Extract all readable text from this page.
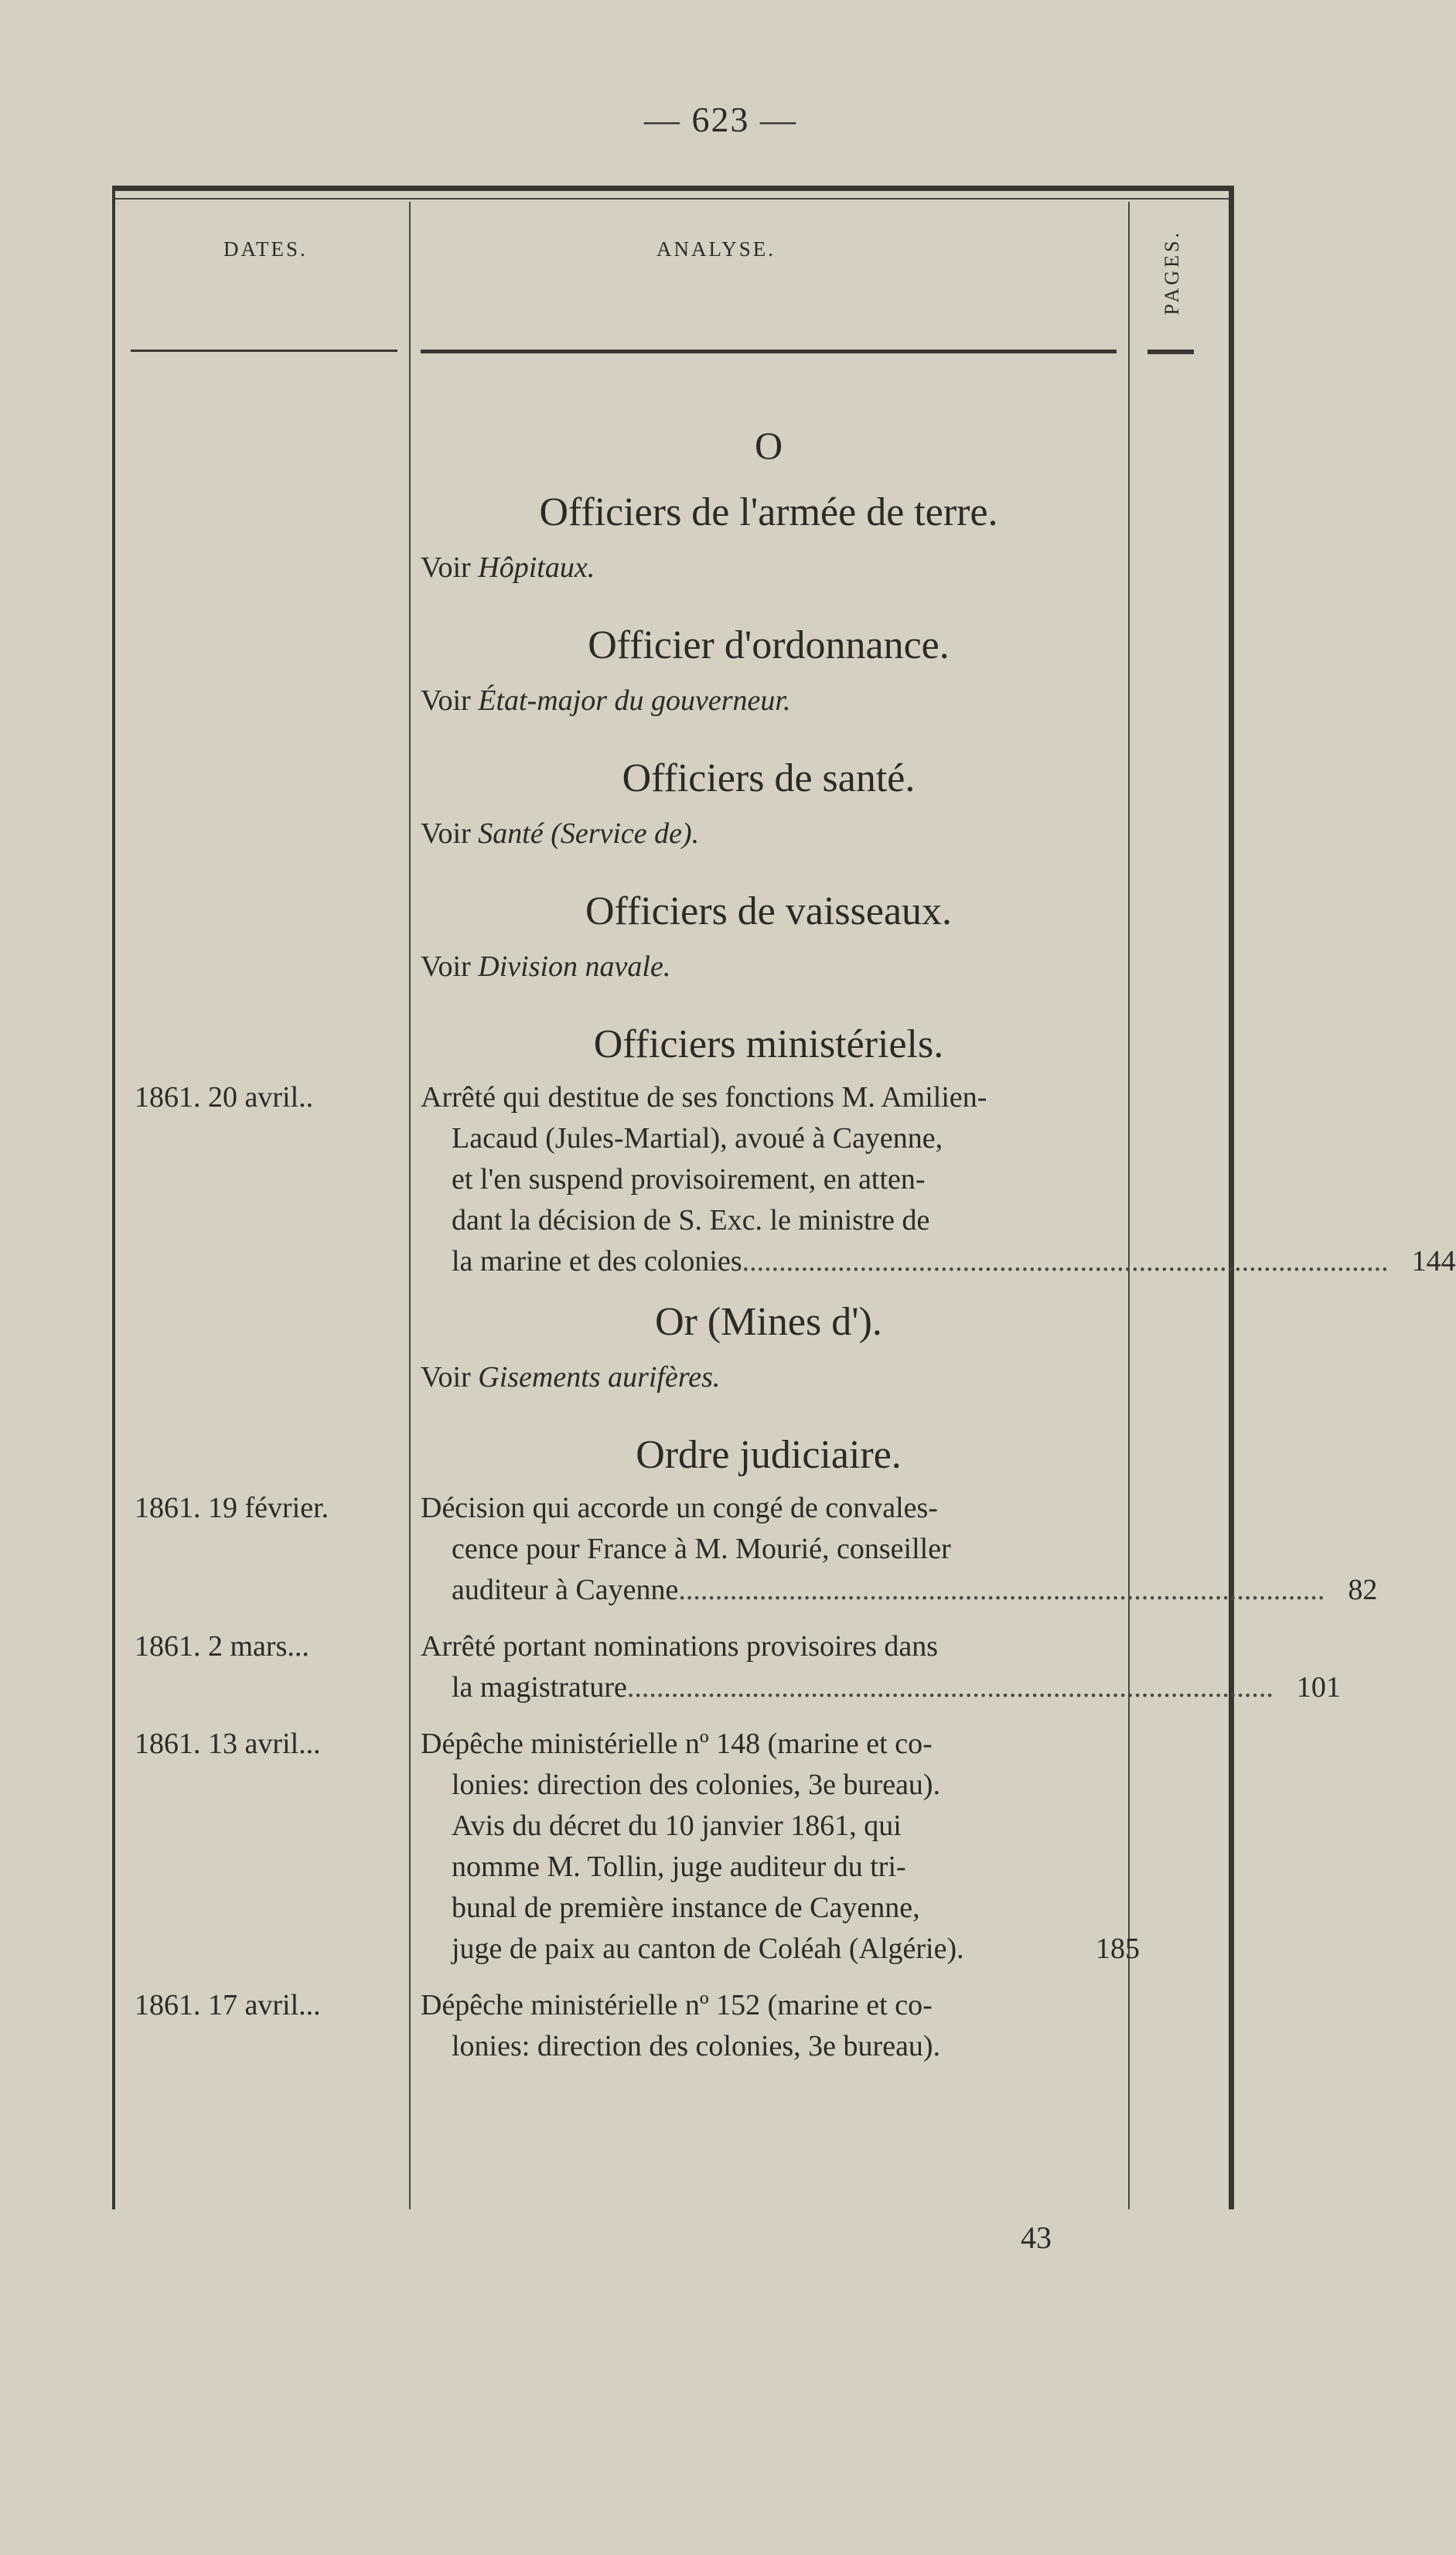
— 623 —
DATES.	ANALYSE.	PAGES.
O
Officiers de l'armée de terre.
Voir Hôpitaux.
Officier d'ordonnance.
Voir État-major du gouverneur.
Officiers de santé.
Voir Santé (Service de).
Officiers de vaisseaux.
Voir Division navale.
Officiers ministériels.
1861. 20 avril..	Arrêté qui destitue de ses fonctions M. Amilien-
Lacaud (Jules-Martial), avoué à Cayenne,
et l'en suspend provisoirement, en atten-
dant la décision de S. Exc. le ministre de
la marine et des colonies ........................................................................................ 144
Or (Mines d').
Voir Gisements aurifères.
Ordre judiciaire.
1861. 19 février.	Décision qui accorde un congé de convales-
cence pour France à M. Mourié, conseiller
auditeur à Cayenne ........................................................................................ 82
1861. 2 mars...	Arrêté portant nominations provisoires dans
la magistrature ........................................................................................ 101
1861. 13 avril...	Dépêche ministérielle nº 148 (marine et co-
lonies: direction des colonies, 3e bureau).
Avis du décret du 10 janvier 1861, qui
nomme M. Tollin, juge auditeur du tri-
bunal de première instance de Cayenne,
juge de paix au canton de Coléah (Algérie).	185
1861. 17 avril...	Dépêche ministérielle nº 152 (marine et co-
lonies: direction des colonies, 3e bureau).
43
